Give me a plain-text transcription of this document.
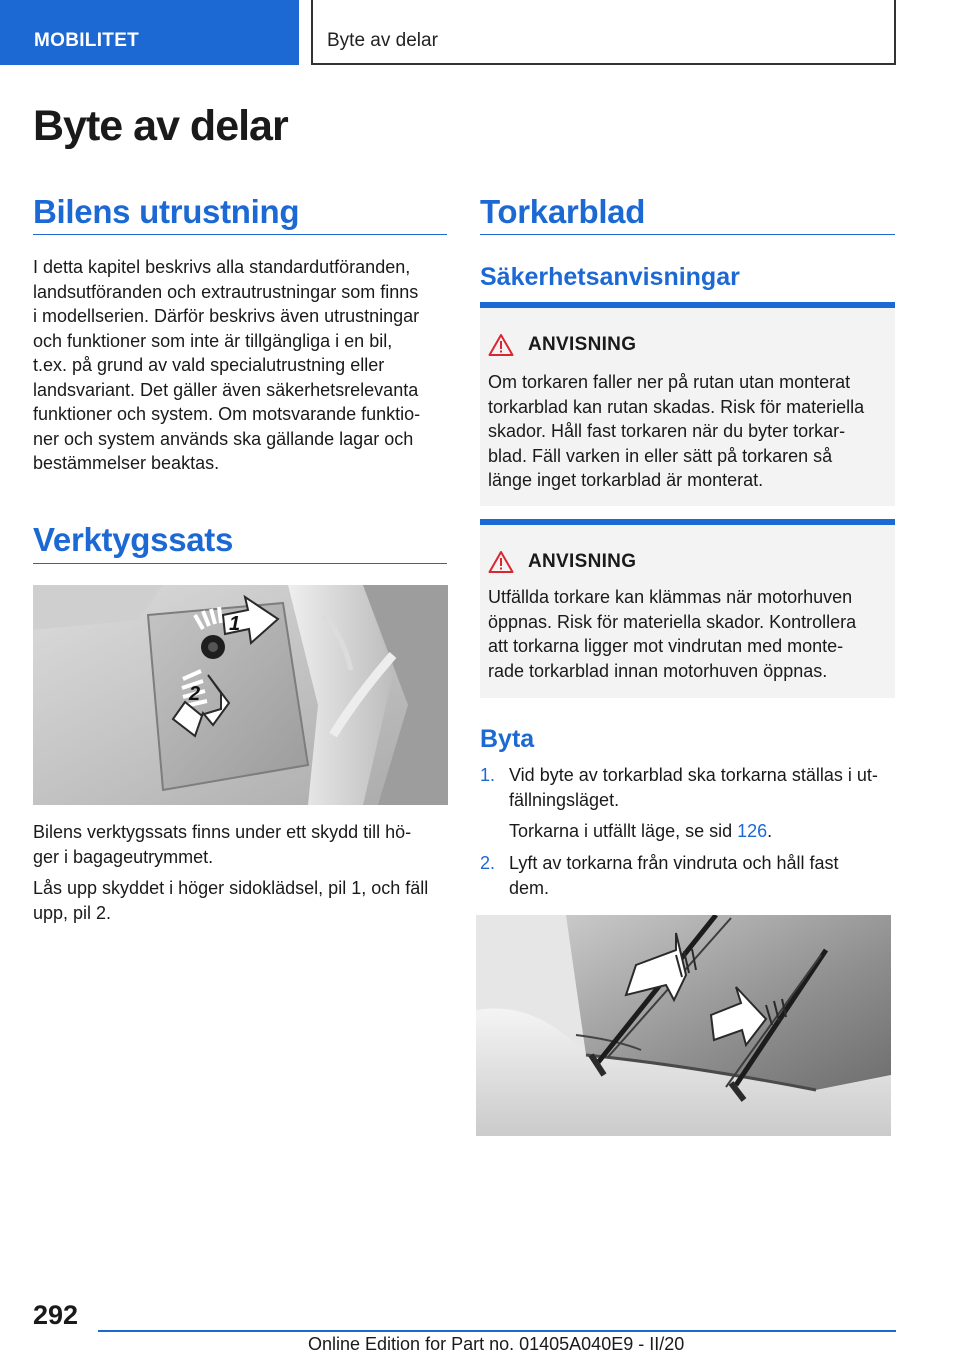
MOBILITET	Byte av delar
Byte av delar
Bilens utrustning
I detta kapitel beskrivs alla standardutföranden,
landsutföranden och extrautrustningar som finns
i modellserien. Därför beskrivs även utrustningar
och funktioner som inte är tillgängliga i en bil,
t.ex. på grund av vald specialutrustning eller
landsvariant. Det gäller även säkerhetsrelevanta
funktioner och system. Om motsvarande funktio-
ner och system används ska gällande lagar och
bestämmelser beaktas.
Verktygssats
1
2
Bilens verktygssats finns under ett skydd till hö-
ger i bagageutrymmet.
Lås upp skyddet i höger sidoklädsel, pil 1, och fäll
upp, pil 2.
Torkarblad
Säkerhetsanvisningar
ANVISNING
Om torkaren faller ner på rutan utan monterat
torkarblad kan rutan skadas. Risk för materiella
skador. Håll fast torkaren när du byter torkar-
blad. Fäll varken in eller sätt på torkaren så
länge inget torkarblad är monterat.
ANVISNING
Utfällda torkare kan klämmas när motorhuven
öppnas. Risk för materiella skador. Kontrollera
att torkarna ligger mot vindrutan med monte-
rade torkarblad innan motorhuven öppnas.
Byta
1. Vid byte av torkarblad ska torkarna ställas i ut-
fällningsläget.
Torkarna i utfällt läge, se sid 126.
2. Lyft av torkarna från vindruta och håll fast
dem.
292
Online Edition for Part no. 01405A040E9 - II/20
